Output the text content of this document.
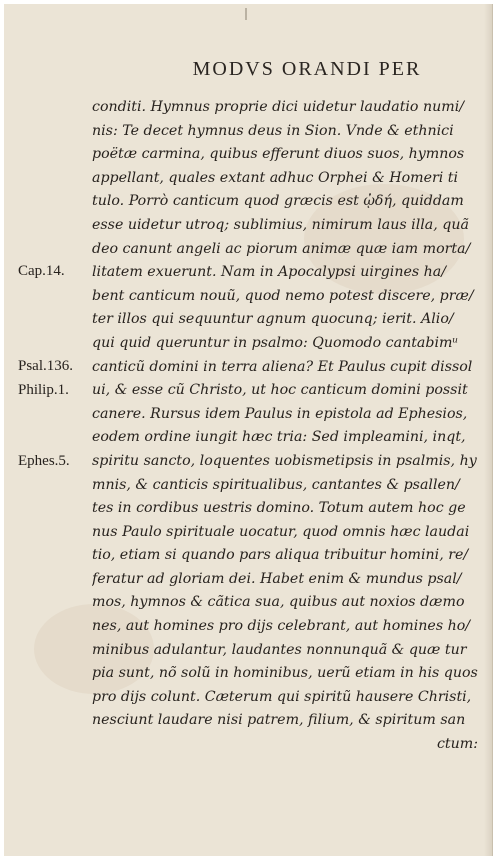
MODVS ORANDI PER
conditi. Hymnus proprie dici uidetur laudatio numi/
nis: Te decet hymnus deus in Sion. Vnde & ethnici
poëtæ carmina, quibus efferunt diuos suos, hymnos
appellant, quales extant adhuc Orphei & Homeri ti
tulo. Porrò canticum quod græcis est ᾠδή, quiddam
esse uidetur utroq; sublimius, nimirum laus illa, quã
deo canunt angeli ac piorum animæ quæ iam morta/
litatem exuerunt. Nam in Apocalypsi uirgines ha/
bent canticum nouũ, quod nemo potest discere, præ/
ter illos qui sequuntur agnum quocunq; ierit. Alio/
qui quid queruntur in psalmo: Quomodo cantabimᵘ
canticũ domini in terra aliena? Et Paulus cupit dissol
ui, & esse cũ Christo, ut hoc canticum domini possit
canere. Rursus idem Paulus in epistola ad Ephesios,
eodem ordine iungit hæc tria: Sed impleamini, inqt,
spiritu sancto, loquentes uobismetipsis in psalmis, hy
mnis, & canticis spiritualibus, cantantes & psallen/
tes in cordibus uestris domino. Totum autem hoc ge
nus Paulo spirituale uocatur, quod omnis hæc laudai
tio, etiam si quando pars aliqua tribuitur homini, re/
feratur ad gloriam dei. Habet enim & mundus psal/
mos, hymnos & cãtica sua, quibus aut noxios dæmo
nes, aut homines pro dijs celebrant, aut homines ho/
minibus adulantur, laudantes nonnunquã & quæ tur
pia sunt, nõ solũ in hominibus, uerũ etiam in his quos
pro dijs colunt. Cæterum qui spiritũ hausere Christi,
nesciunt laudare nisi patrem, filium, & spiritum san
ctum:
Cap.14.
Psal.136.
Philip.1.
Ephes.5.
